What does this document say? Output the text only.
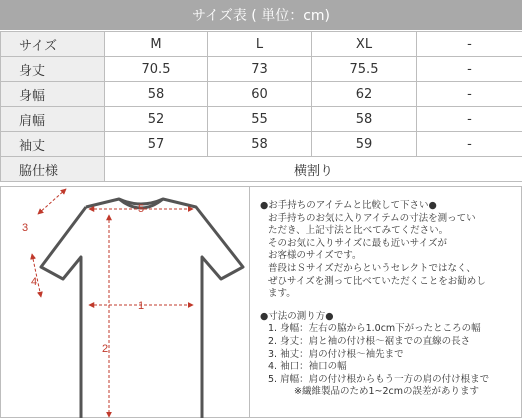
サイズ表 ( 単位：cm)
サイズ	M	L	XL	-
身丈	70.5	73	75.5	-
身幅	58	60	62	-
肩幅	52	55	58	-
袖丈	57	58	59	-
脇仕様	横割り			
5
3
4
1
2

●お手持ちのアイテムと比較して下さい●

お手持ちのお気に入りアイテムの寸法を測ってい

ただき、上記寸法と比べてみてください。

そのお気に入りサイズに最も近いサイズが

お客様のサイズです。

普段はＳサイズだからというセレクトではなく、

ぜひサイズを測って比べていただくことをお勧めし

ます。

●寸法の測り方●

1. 身幅：左右の脇から1.0cm下がったところの幅

2. 身丈：肩と袖の付け根～裾までの直線の長さ

3. 袖丈：肩の付け根～袖先まで

4. 袖口：袖口の幅

5. 肩幅：肩の付け根からもう一方の肩の付け根まで

※繊維製品のため1~2cmの誤差があります
